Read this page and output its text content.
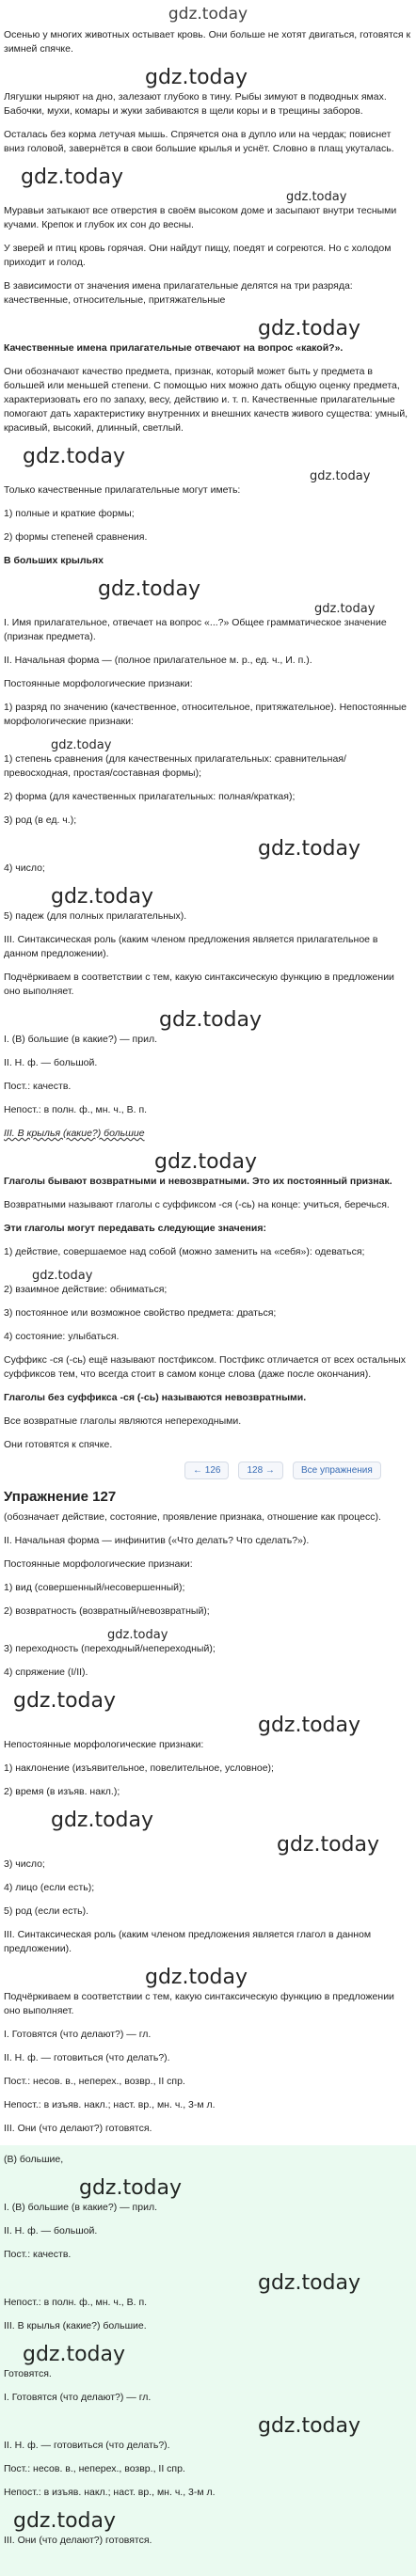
gdz.today

Осенью у многих животных остывает кровь. Они больше не хотят двигаться, готовятся к зимней спячке.

gdz.today

Лягушки ныряют на дно, залезают глубоко в тину. Рыбы зимуют в подводных ямах. Бабочки, мухи, комары и жуки забиваются в щели коры и в трещины заборов.

Осталась без корма летучая мышь. Спрячется она в дупло или на чердак; повиснет вниз головой, завернётся в свои большие крылья и уснёт. Словно в плащ укуталась.

gdz.today
gdz.today

Муравьи затыкают все отверстия в своём высоком доме и засыпают внутри тесными кучами. Крепок и глубок их сон до весны.

У зверей и птиц кровь горячая. Они найдут пищу, поедят и согреются. Но с холодом приходит и голод.

В зависимости от значения имена прилагательные делятся на три разряда: качественные, относительные, притяжательные

gdz.today

Качественные имена прилагательные отвечают на вопрос «какой?».

Они обозначают качество предмета, признак, который может быть у предмета в большей или меньшей степени. С помощью них можно дать общую оценку предмета, характеризовать его по запаху, весу, действию и. т. п. Качественные прилагательные помогают дать характеристику внутренних и внешних качеств живого существа: умный, красивый, высокий, длинный, светлый.

gdz.today
gdz.today

Только качественные прилагательные могут иметь:

1) полные и краткие формы;

2) формы степеней сравнения.

В больших крыльях

gdz.today
gdz.today

I. Имя прилагательное, отвечает на вопрос «...?» Общее грамматическое значение (признак предмета).

II. Начальная форма — (полное прилагательное м. р., ед. ч., И. п.).

Постоянные морфологические признаки:

1) разряд по значению (качественное, относительное, притяжательное). Непостоянные морфологические признаки:

gdz.today

1) степень сравнения (для качественных прилагательных: сравнительная/превосходная, простая/составная формы);

2) форма (для качественных прилагательных: полная/краткая);

3) род (в ед. ч.);

gdz.today

4) число;

gdz.today

5) падеж (для полных прилагательных).

III. Синтаксическая роль (каким членом предложения является прилагательное в данном предложении).

Подчёркиваем в соответствии с тем, какую синтаксическую функцию в предложении оно выполняет.

gdz.today

I. (В) большие (в какие?) — прил.

II. Н. ф. — большой.

Пост.: качеств.

Непост.: в полн. ф., мн. ч., В. п.

III. В крылья (какие?) большие

gdz.today

Глаголы бывают возвратными и невозвратными. Это их постоянный признак.

Возвратными называют глаголы с суффиксом -ся (-сь) на конце: учиться, беречься.

Эти глаголы могут передавать следующие значения:

1) действие, совершаемое над собой (можно заменить на «себя»): одеваться;

gdz.today

2) взаимное действие: обниматься;

3) постоянное или возможное свойство предмета: драться;

4) состояние: улыбаться.

Суффикс -ся (-сь) ещё называют постфиксом. Постфикс отличается от всех остальных суффиксов тем, что всегда стоит в самом конце слова (даже после окончания).

Глаголы без суффикса -ся (-сь) называются невозвратными.

Все возвратные глаголы являются непереходными.

Они готовятся к спячке.

← 126	128 →	Все упражнения
Упражнение 127

(обозначает действие, состояние, проявление признака, отношение как процесс).

II. Начальная форма — инфинитив («Что делать? Что сделать?»).

Постоянные морфологические признаки:

1) вид (совершенный/несовершенный);

2) возвратность (возвратный/невозвратный);

gdz.today

3) переходность (переходный/непереходный);

4) спряжение (I/II).

gdz.today
gdz.today

Непостоянные морфологические признаки:

1) наклонение (изъявительное, повелительное, условное);

2) время (в изъяв. накл.);

gdz.today
gdz.today

3) число;

4) лицо (если есть);

5) род (если есть).

III. Синтаксическая роль (каким членом предложения является глагол в данном предложении).

gdz.today

Подчёркиваем в соответствии с тем, какую синтаксическую функцию в предложении оно выполняет.

I. Готовятся (что делают?) — гл.

II. Н. ф. — готовиться (что делать?).

Пост.: несов. в., неперех., возвр., II спр.

Непост.: в изъяв. накл.; наст. вр., мн. ч., 3-м л.

III. Они (что делают?) готовятся.

(В) большие,

gdz.today

I. (В) большие (в какие?) — прил.

II. Н. ф. — большой.

Пост.: качеств.

gdz.today

Непост.: в полн. ф., мн. ч., В. п.

III. В крылья (какие?) большие.

gdz.today

Готовятся.

I. Готовятся (что делают?) — гл.

gdz.today

II. Н. ф. — готовиться (что делать?).

Пост.: несов. в., неперех., возвр., II спр.

Непост.: в изъяв. накл.; наст. вр., мн. ч., 3-м л.

gdz.today

III. Они (что делают?) готовятся.
